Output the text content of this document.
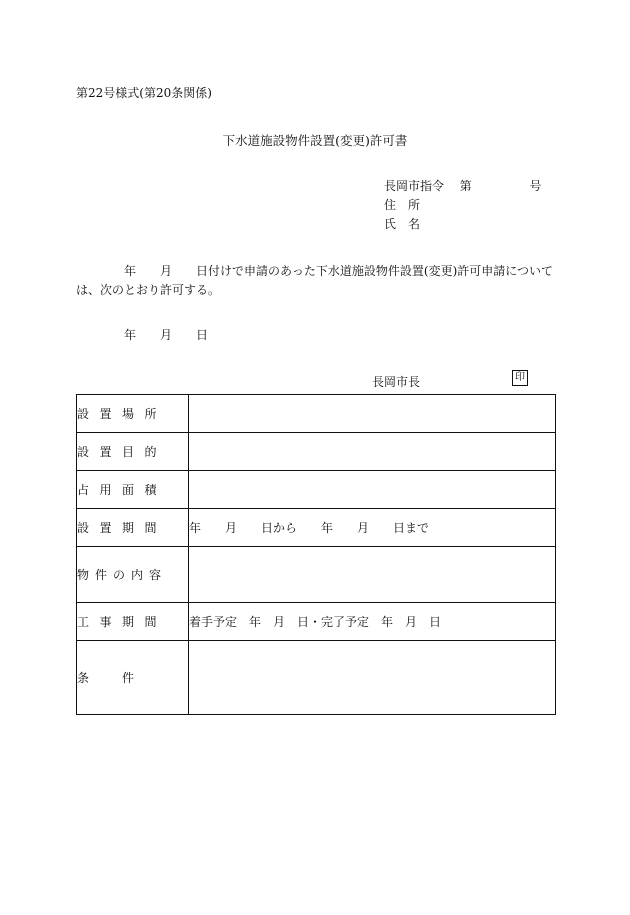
第22号様式(第20条関係)
下水道施設物件設置(変更)許可書
長岡市指令 第	号
住　所
氏　名
年　　月　　日付けで申請のあった下水道施設物件設置(変更)許可申請については、次のとおり許可する。
年　　月　　日
長岡市長	印
設 置 場 所	

設 置 目 的	

占 用 面 積	

設 置 期 間	年　　月　　日から　　年　　月　　日まで

物 件 の 内 容	

工 事 期 間	着手予定　年　月　日・完了予定　年　月　日

条 件	
